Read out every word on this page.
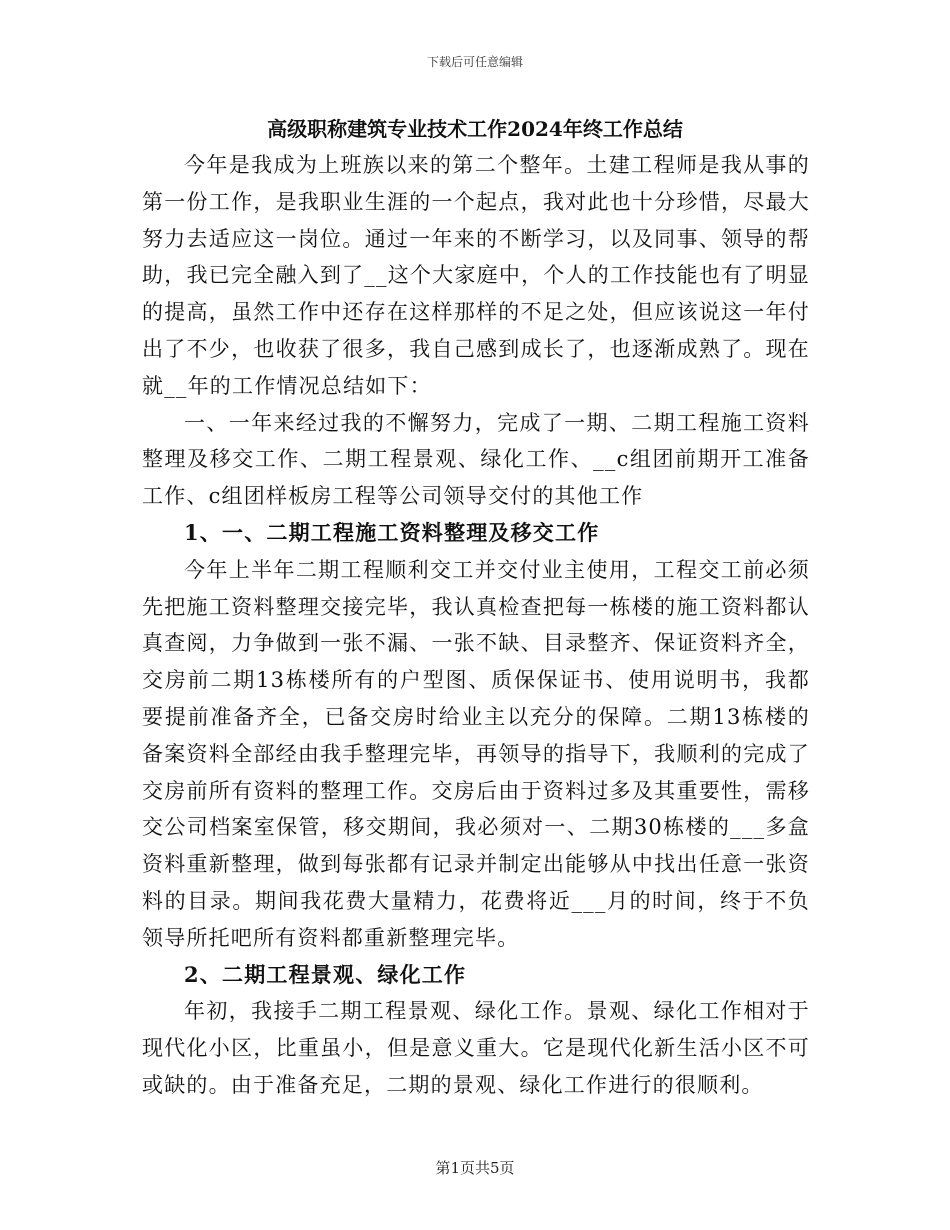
下载后可任意编辑
高级职称建筑专业技术工作2024年终工作总结

今年是我成为上班族以来的第二个整年。土建工程师是我从事的第一份工作，是我职业生涯的一个起点，我对此也十分珍惜，尽最大努力去适应这一岗位。通过一年来的不断学习，以及同事、领导的帮助，我已完全融入到了__这个大家庭中，个人的工作技能也有了明显的提高，虽然工作中还存在这样那样的不足之处，但应该说这一年付出了不少，也收获了很多，我自己感到成长了，也逐渐成熟了。现在就__年的工作情况总结如下：

一、一年来经过我的不懈努力，完成了一期、二期工程施工资料整理及移交工作、二期工程景观、绿化工作、__c组团前期开工准备工作、c组团样板房工程等公司领导交付的其他工作

1、一、二期工程施工资料整理及移交工作

今年上半年二期工程顺利交工并交付业主使用，工程交工前必须先把施工资料整理交接完毕，我认真检查把每一栋楼的施工资料都认真查阅，力争做到一张不漏、一张不缺、目录整齐、保证资料齐全，交房前二期13栋楼所有的户型图、质保保证书、使用说明书，我都要提前准备齐全，已备交房时给业主以充分的保障。二期13栋楼的备案资料全部经由我手整理完毕，再领导的指导下，我顺利的完成了交房前所有资料的整理工作。交房后由于资料过多及其重要性，需移交公司档案室保管，移交期间，我必须对一、二期30栋楼的___多盒资料重新整理，做到每张都有记录并制定出能够从中找出任意一张资料的目录。期间我花费大量精力，花费将近___月的时间，终于不负领导所托吧所有资料都重新整理完毕。

2、二期工程景观、绿化工作

年初，我接手二期工程景观、绿化工作。景观、绿化工作相对于现代化小区，比重虽小，但是意义重大。它是现代化新生活小区不可或缺的。由于准备充足，二期的景观、绿化工作进行的很顺利。

第1页共5页
